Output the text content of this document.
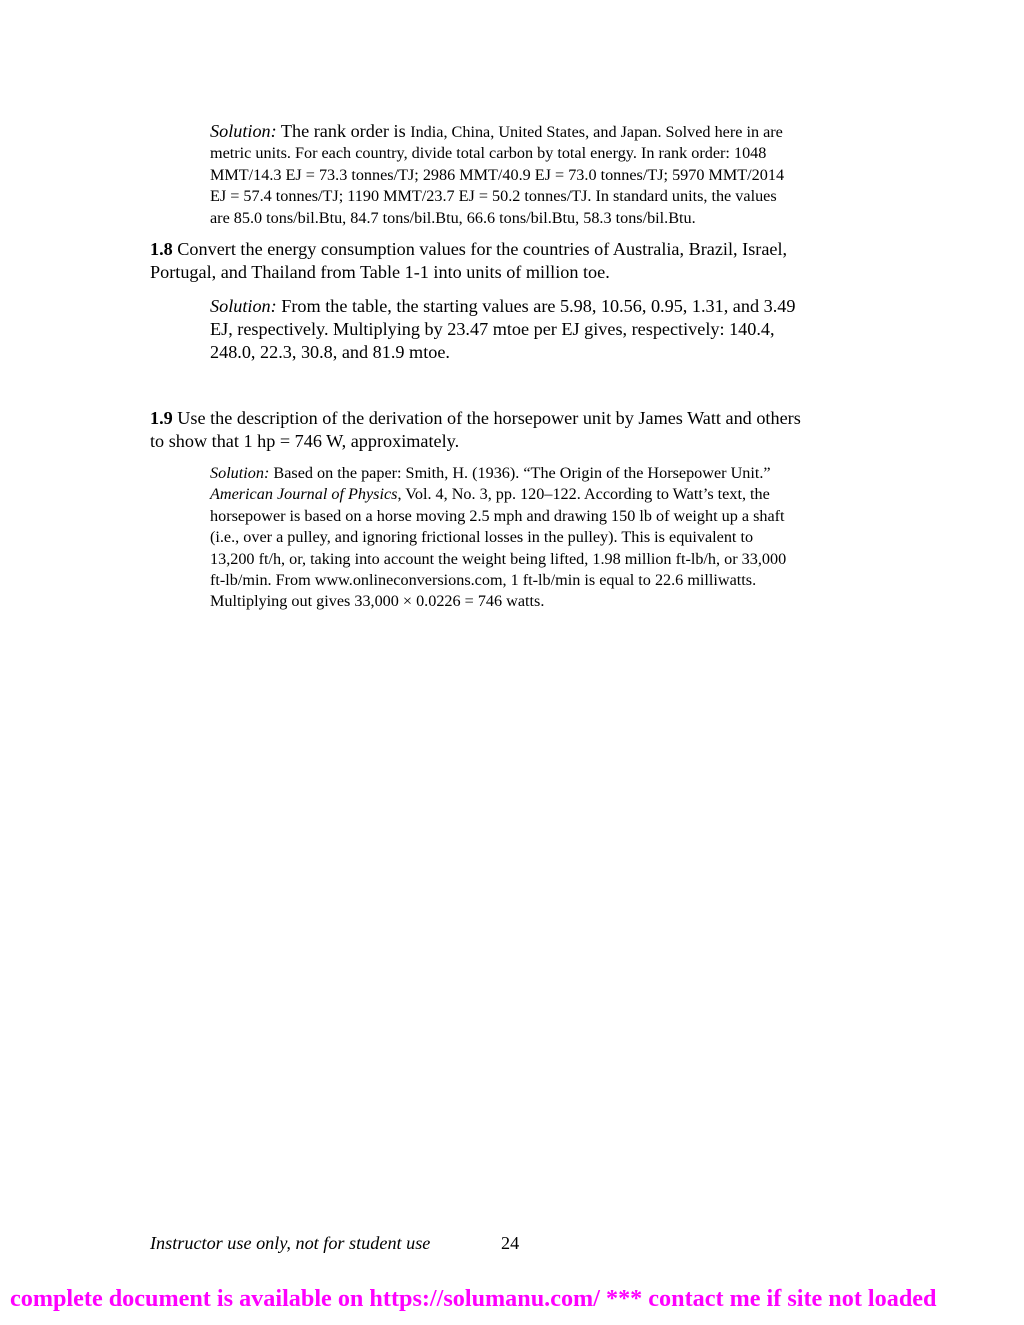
Solution: The rank order is India, China, United States, and Japan. Solved here in are
metric units. For each country, divide total carbon by total energy. In rank order: 1048
MMT/14.3 EJ = 73.3 tonnes/TJ; 2986 MMT/40.9 EJ = 73.0 tonnes/TJ; 5970 MMT/2014
EJ = 57.4 tonnes/TJ; 1190 MMT/23.7 EJ = 50.2 tonnes/TJ. In standard units, the values
are 85.0 tons/bil.Btu, 84.7 tons/bil.Btu, 66.6 tons/bil.Btu, 58.3 tons/bil.Btu.
1.8 Convert the energy consumption values for the countries of Australia, Brazil, Israel,
Portugal, and Thailand from Table 1-1 into units of million toe.
Solution: From the table, the starting values are 5.98, 10.56, 0.95, 1.31, and 3.49
EJ, respectively. Multiplying by 23.47 mtoe per EJ gives, respectively: 140.4,
248.0, 22.3, 30.8, and 81.9 mtoe.
1.9 Use the description of the derivation of the horsepower unit by James Watt and others
to show that 1 hp = 746 W, approximately.
Solution: Based on the paper: Smith, H. (1936). “The Origin of the Horsepower Unit.”
American Journal of Physics, Vol. 4, No. 3, pp. 120–122. According to Watt’s text, the
horsepower is based on a horse moving 2.5 mph and drawing 150 lb of weight up a shaft
(i.e., over a pulley, and ignoring frictional losses in the pulley). This is equivalent to
13,200 ft/h, or, taking into account the weight being lifted, 1.98 million ft-lb/h, or 33,000
ft-lb/min. From www.onlineconversions.com, 1 ft-lb/min is equal to 22.6 milliwatts.
Multiplying out gives 33,000 × 0.0226 = 746 watts.
Instructor use only, not for student use	24
complete document is available on https://solumanu.com/ *** contact me if site not loaded
